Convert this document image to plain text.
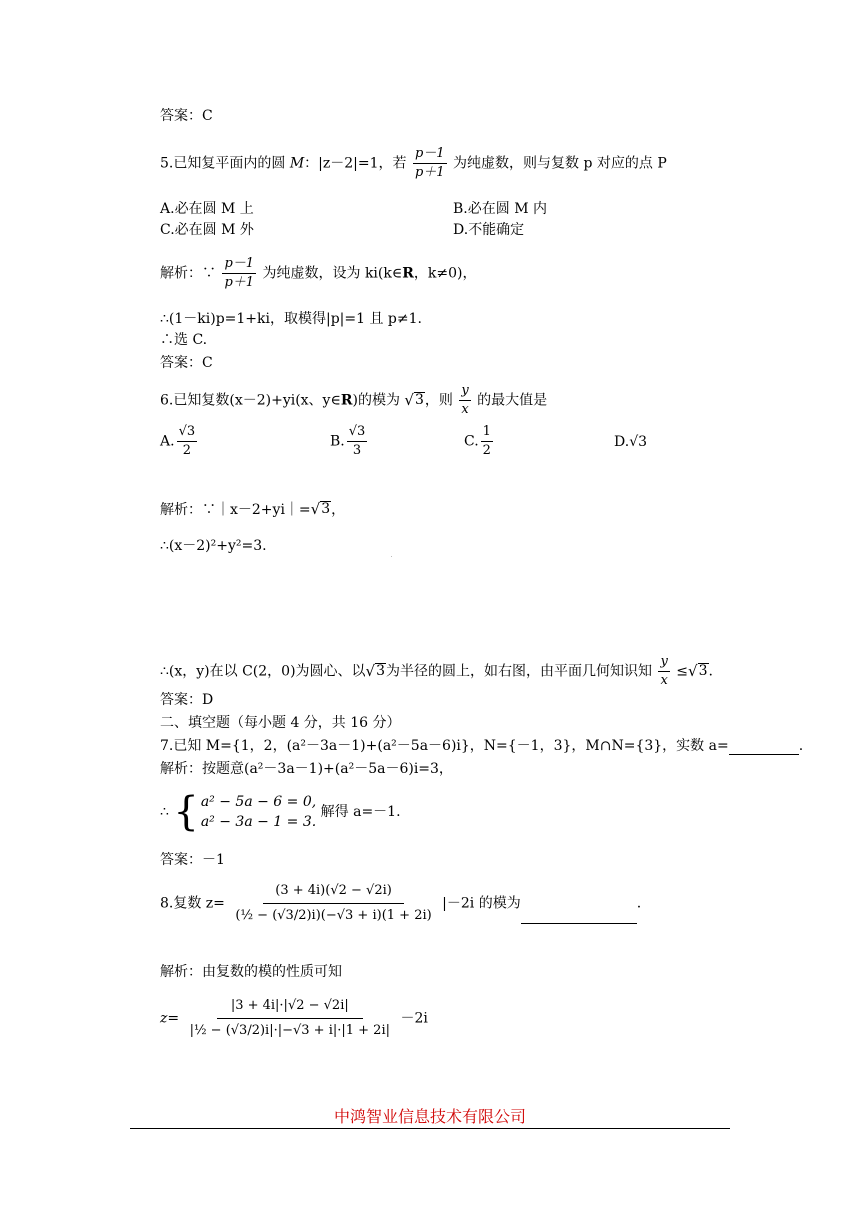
答案：C
5.已知复平面内的圆 M：|z－2|=1，若 $\frac{p-1}{p+1}$ 为纯虚数，则与复数 p 对应的点 P
A.必在圆 M 上	B.必在圆 M 内
C.必在圆 M 外	D.不能确定
解析：∵ $\frac{p-1}{p+1}$ 为纯虚数，设为 ki(k∈R，k≠0)，
∴(1－ki)p=1+ki，取模得|p|=1 且 p≠1.
∴选 C.
答案：C
6.已知复数(x－2)+yi(x、y∈R)的模为 √ 3 ，则 $\frac{y}{x}$ 的最大值是
A. $\frac{√3}{2}$	B. $\frac{√3}{3}$	C. $\frac{1}{2}$	D.√3
解析：∵｜x－2+yi｜= √ 3 ，
∴(x－2)²+y²=3.
∴(x，y)在以 C(2，0)为圆心、以 √ 3 为半径的圆上，如右图，由平面几何知识知 $\frac{y}{x}$ ≤ √ 3 .
答案：D
二、填空题（每小题 4 分，共 16 分）
7.已知 M={1，2，(a²－3a－1)+(a²－5a－6)i}，N={－1，3}，M∩N={3}，实数 a=	.
解析：按题意(a²－3a－1)+(a²－5a－6)i=3，
∴ { a² − 5a − 6 = 0,
a² − 3a − 1 = 3.
解得 a=－1.
答案：－1
8.复数 $z= \frac{(3 + 4i)(√2 - √2i)}{\text{(½ − (√3/2)i)(−√3 + i)(1 + 2i)}} |-2i$ 的模为	.
解析：由复数的模的性质可知
$z= \frac{|3 + 4i|\cdot|√2 - √2i|}{\text{|½ − (√3/2)i|·|−√3 + i|·|1 + 2i|}} -2i$
中鸿智业信息技术有限公司
